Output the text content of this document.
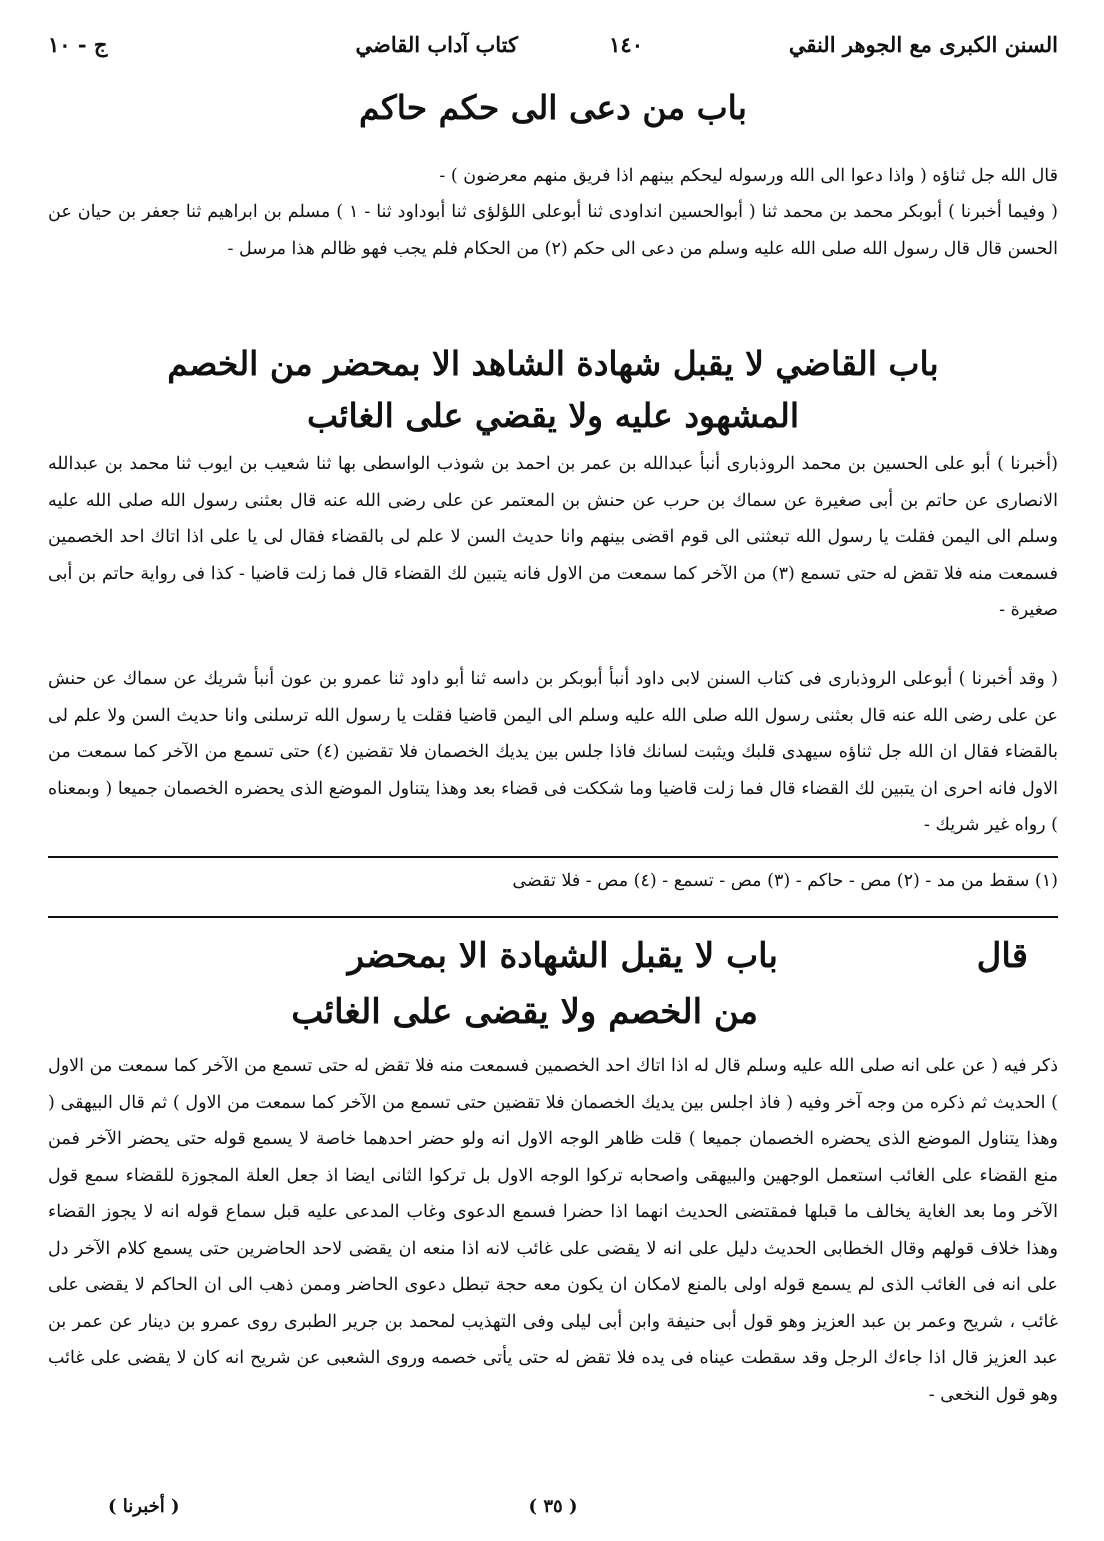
السنن الكبرى مع الجوهر النقي
١٤٠
كتاب آداب القاضي
ج - ١٠
باب من دعى الى حكم حاكم
قال الله جل ثناؤه ( واذا دعوا الى الله ورسوله ليحكم بينهم اذا فريق منهم معرضون ) -
( وفيما أخبرنا ) أبوبكر محمد بن محمد ثنا ( أبوالحسين انداودى ثنا أبوعلى اللؤلؤى ثنا أبوداود ثنا - ١ ) مسلم بن ابراهيم ثنا جعفر بن حيان عن الحسن قال قال رسول الله صلى الله عليه وسلم من دعى الى حكم (٢) من الحكام فلم يجب فهو ظالم هذا مرسل -
باب القاضي لا يقبل شهادة الشاهد الا بمحضر من الخصم
المشهود عليه ولا يقضي على الغائب
(أخبرنا ) أبو على الحسين بن محمد الروذبارى أنبأ عبدالله بن عمر بن احمد بن شوذب الواسطى بها ثنا شعيب بن ايوب ثنا محمد بن عبدالله الانصارى عن حاتم بن أبى صغيرة عن سماك بن حرب عن حنش بن المعتمر عن على رضى الله عنه قال بعثنى رسول الله صلى الله عليه وسلم الى اليمن فقلت يا رسول الله تبعثنى الى قوم اقضى بينهم وانا حديث السن لا علم لى بالقضاء فقال لى يا على اذا اتاك احد الخصمين فسمعت منه فلا تقض له حتى تسمع (٣) من الآخر كما سمعت من الاول فانه يتبين لك القضاء قال فما زلت قاضيا - كذا فى رواية حاتم بن أبى صغيرة -
( وقد أخبرنا ) أبوعلى الروذبارى فى كتاب السنن لابى داود أنبأ أبوبكر بن داسه ثنا أبو داود ثنا عمرو بن عون أنبأ شريك عن سماك عن حنش عن على رضى الله عنه قال بعثنى رسول الله صلى الله عليه وسلم الى اليمن قاضيا فقلت يا رسول الله ترسلنى وانا حديث السن ولا علم لى بالقضاء فقال ان الله جل ثناؤه سيهدى قلبك ويثبت لسانك فاذا جلس بين يديك الخصمان فلا تقضين (٤) حتى تسمع من الآخر كما سمعت من الاول فانه احرى ان يتبين لك القضاء قال فما زلت قاضيا وما شككت فى قضاء بعد وهذا يتناول الموضع الذى يحضره الخصمان جميعا ( وبمعناه ) رواه غير شريك -
(١) سقط من مد - (٢) مص - حاكم - (٣) مص - تسمع - (٤) مص - فلا تقضى
قال
باب لا يقبل الشهادة الا بمحضر
من الخصم ولا يقضى على الغائب
ذكر فيه ( عن على انه صلى الله عليه وسلم قال له اذا اتاك احد الخصمين فسمعت منه فلا تقض له حتى تسمع من الآخر كما سمعت من الاول ) الحديث ثم ذكره من وجه آخر وفيه ( فاذ اجلس بين يديك الخصمان فلا تقضين حتى تسمع من الآخر كما سمعت من الاول ) ثم قال البيهقى ( وهذا يتناول الموضع الذى يحضره الخصمان جميعا ) قلت ظاهر الوجه الاول انه ولو حضر احدهما خاصة لا يسمع قوله حتى يحضر الآخر فمن منع القضاء على الغائب استعمل الوجهين والبيهقى واصحابه تركوا الوجه الاول بل تركوا الثانى ايضا اذ جعل العلة المجوزة للقضاء سمع قول الآخر وما بعد الغاية يخالف ما قبلها فمقتضى الحديث انهما اذا حضرا فسمع الدعوى وغاب المدعى عليه قبل سماع قوله انه لا يجوز القضاء وهذا خلاف قولهم وقال الخطابى الحديث دليل على انه لا يقضى على غائب لانه اذا منعه ان يقضى لاحد الحاضرين حتى يسمع كلام الآخر دل على انه فى الغائب الذى لم يسمع قوله اولى بالمنع لامكان ان يكون معه حجة تبطل دعوى الحاضر وممن ذهب الى ان الحاكم لا يقضى على غائب ، شريح وعمر بن عبد العزيز وهو قول أبى حنيفة وابن أبى ليلى وفى التهذيب لمحمد بن جرير الطبرى روى عمرو بن دينار عن عمر بن عبد العزيز قال اذا جاءك الرجل وقد سقطت عيناه فى يده فلا تقض له حتى يأتى خصمه وروى الشعبى عن شريح انه كان لا يقضى على غائب وهو قول النخعى -
( ٣٥ )
( أخبرنا )
